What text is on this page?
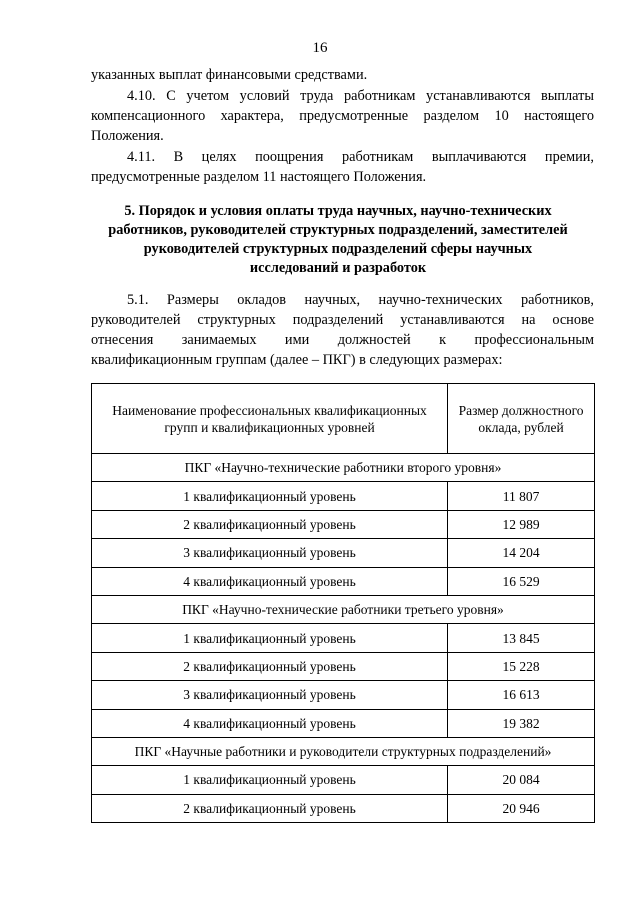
16
указанных выплат финансовыми средствами.
4.10. С учетом условий труда работникам устанавливаются выплаты
компенсационного характера, предусмотренные разделом 10 настоящего
Положения.
4.11. В целях поощрения работникам выплачиваются премии,
предусмотренные разделом 11 настоящего Положения.
5. Порядок и условия оплаты труда научных, научно-технических
работников, руководителей структурных подразделений, заместителей
руководителей структурных подразделений сферы научных
исследований и разработок
5.1. Размеры окладов научных, научно-технических работников,
руководителей структурных подразделений устанавливаются на основе
отнесения занимаемых ими должностей к профессиональным
квалификационным группам (далее – ПКГ) в следующих размерах:
Наименование профессиональных квалификационных групп и квалификационных уровней	Размер должностного оклада, рублей
ПКГ «Научно-технические работники второго уровня»	
1 квалификационный уровень	11 807
2 квалификационный уровень	12 989
3 квалификационный уровень	14 204
4 квалификационный уровень	16 529
ПКГ «Научно-технические работники третьего уровня»	
1 квалификационный уровень	13 845
2 квалификационный уровень	15 228
3 квалификационный уровень	16 613
4 квалификационный уровень	19 382
ПКГ «Научные работники и руководители структурных подразделений»	
1 квалификационный уровень	20 084
2 квалификационный уровень	20 946
